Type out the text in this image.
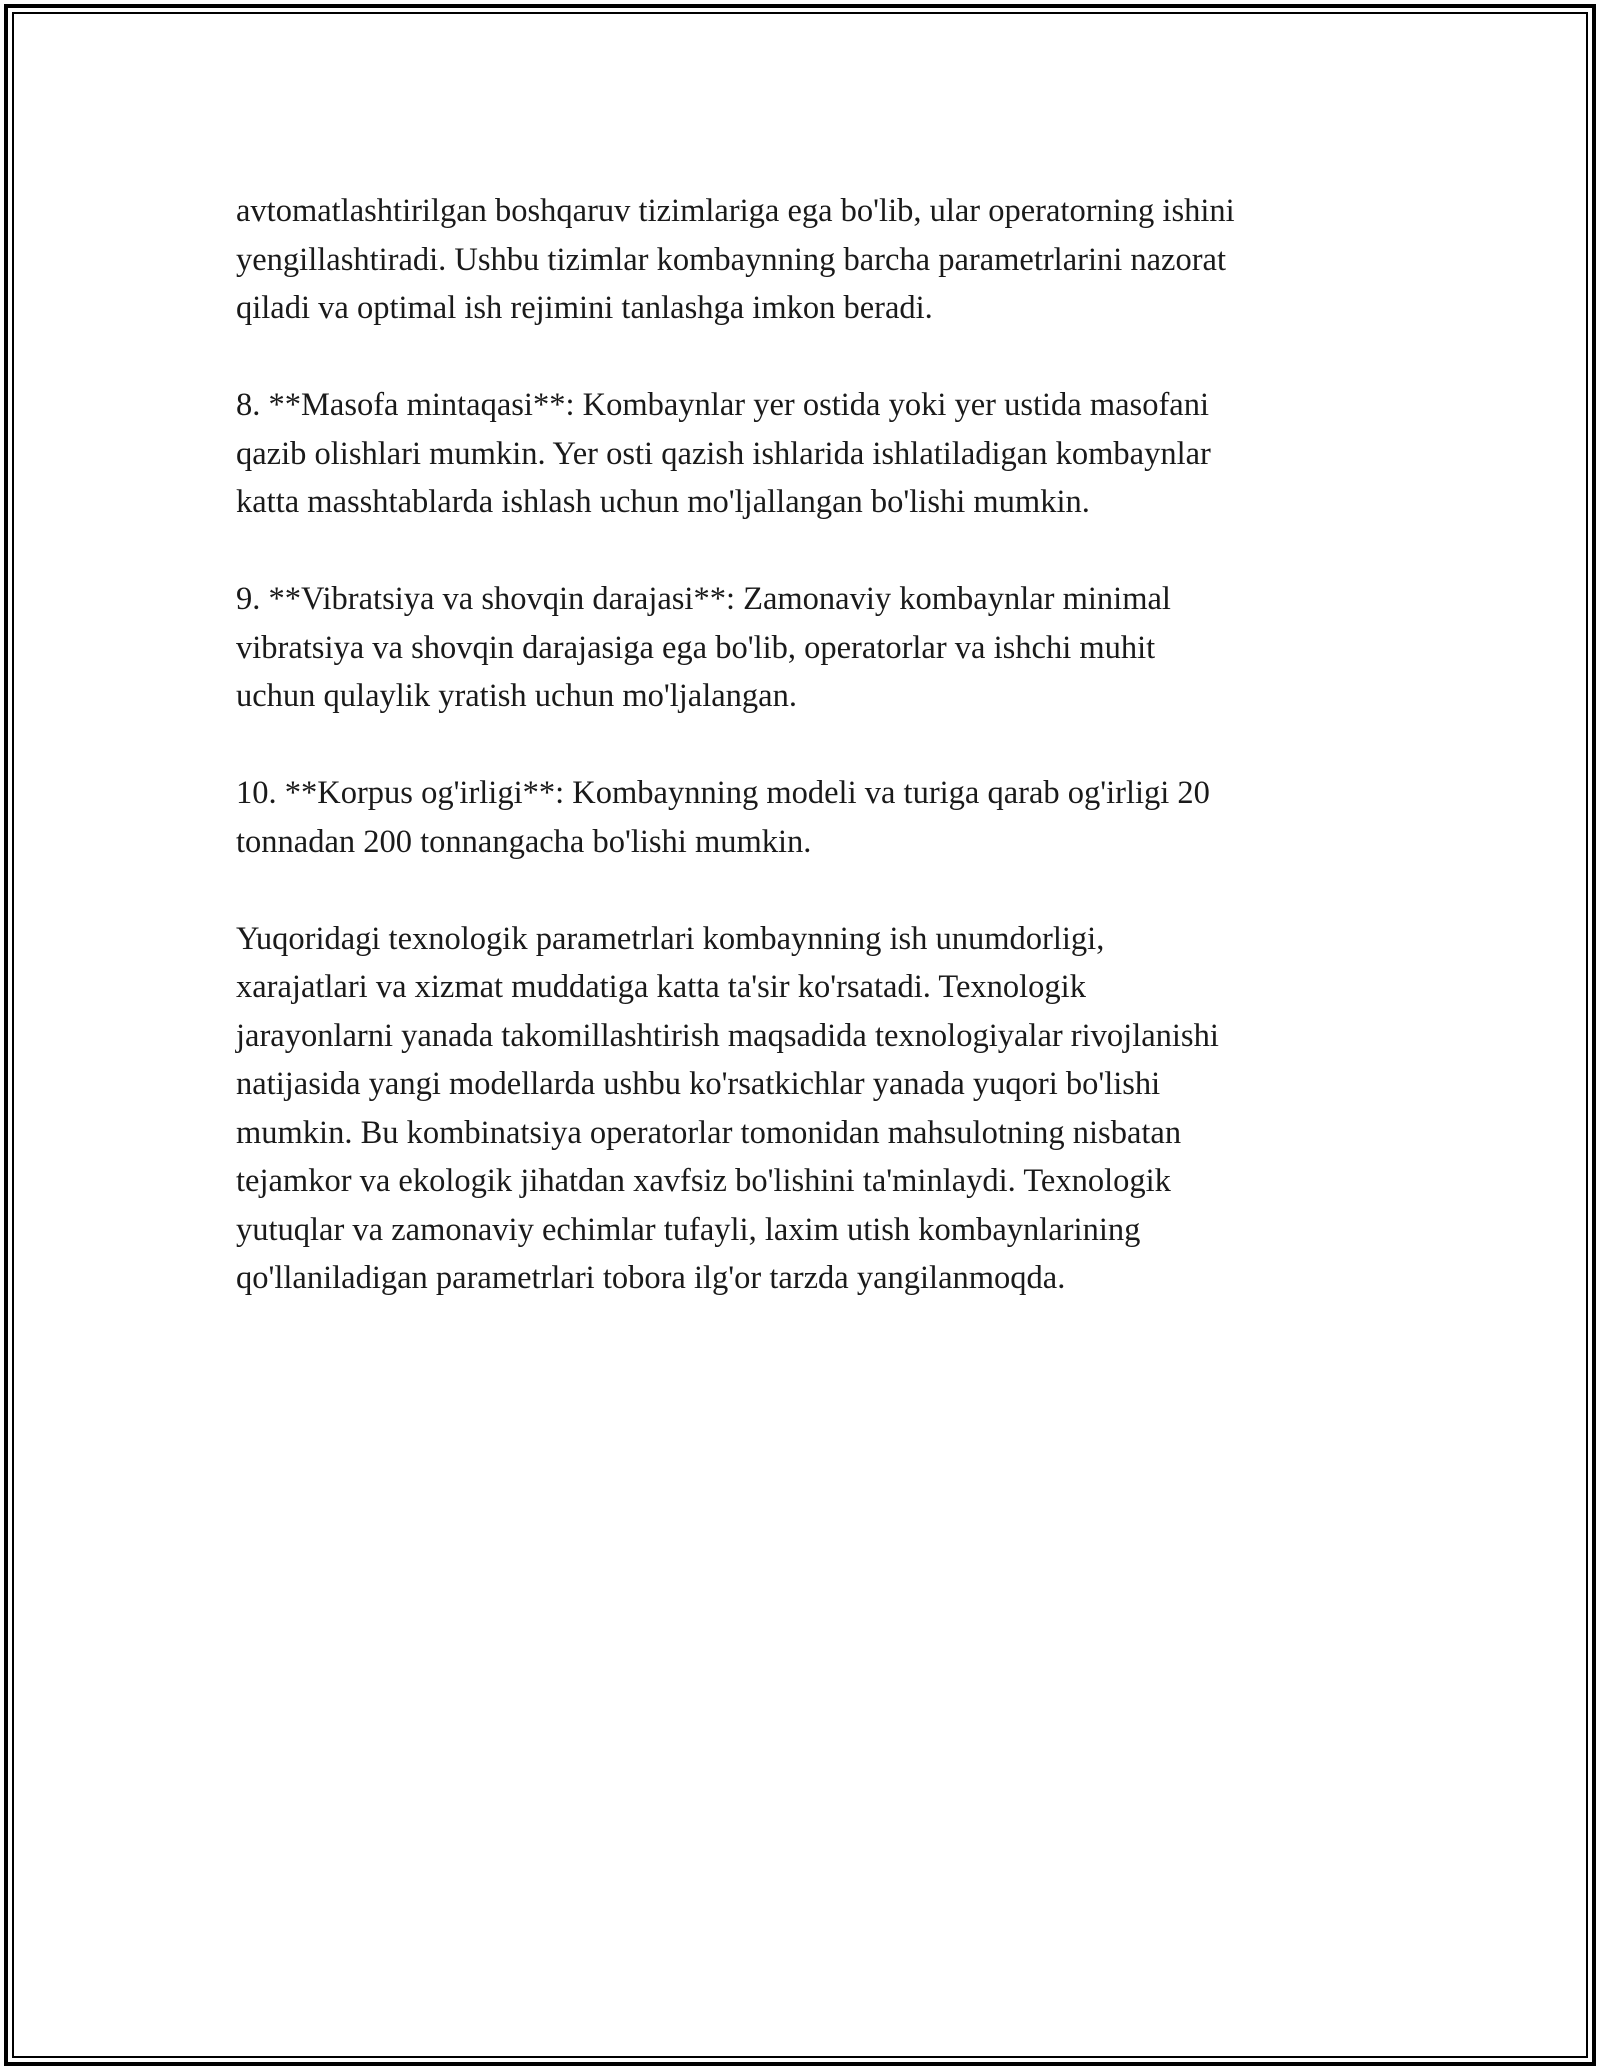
avtomatlashtirilgan boshqaruv tizimlariga ega bo'lib, ular operatorning ishini
yengillashtiradi. Ushbu tizimlar kombaynning barcha parametrlarini nazorat
qiladi va optimal ish rejimini tanlashga imkon beradi.
8. **Masofa mintaqasi**: Kombaynlar yer ostida yoki yer ustida masofani
qazib olishlari mumkin. Yer osti qazish ishlarida ishlatiladigan kombaynlar
katta masshtablarda ishlash uchun mo'ljallangan bo'lishi mumkin.
9. **Vibratsiya va shovqin darajasi**: Zamonaviy kombaynlar minimal
vibratsiya va shovqin darajasiga ega bo'lib, operatorlar va ishchi muhit
uchun qulaylik yratish uchun mo'ljalangan.
10. **Korpus og'irligi**: Kombaynning modeli va turiga qarab og'irligi 20
tonnadan 200 tonnangacha bo'lishi mumkin.
Yuqoridagi texnologik parametrlari kombaynning ish unumdorligi,
xarajatlari va xizmat muddatiga katta ta'sir ko'rsatadi. Texnologik
jarayonlarni yanada takomillashtirish maqsadida texnologiyalar rivojlanishi
natijasida yangi modellarda ushbu ko'rsatkichlar yanada yuqori bo'lishi
mumkin. Bu kombinatsiya operatorlar tomonidan mahsulotning nisbatan
tejamkor va ekologik jihatdan xavfsiz bo'lishini ta'minlaydi. Texnologik
yutuqlar va zamonaviy echimlar tufayli, laxim utish kombaynlarining
qo'llaniladigan parametrlari tobora ilg'or tarzda yangilanmoqda.
